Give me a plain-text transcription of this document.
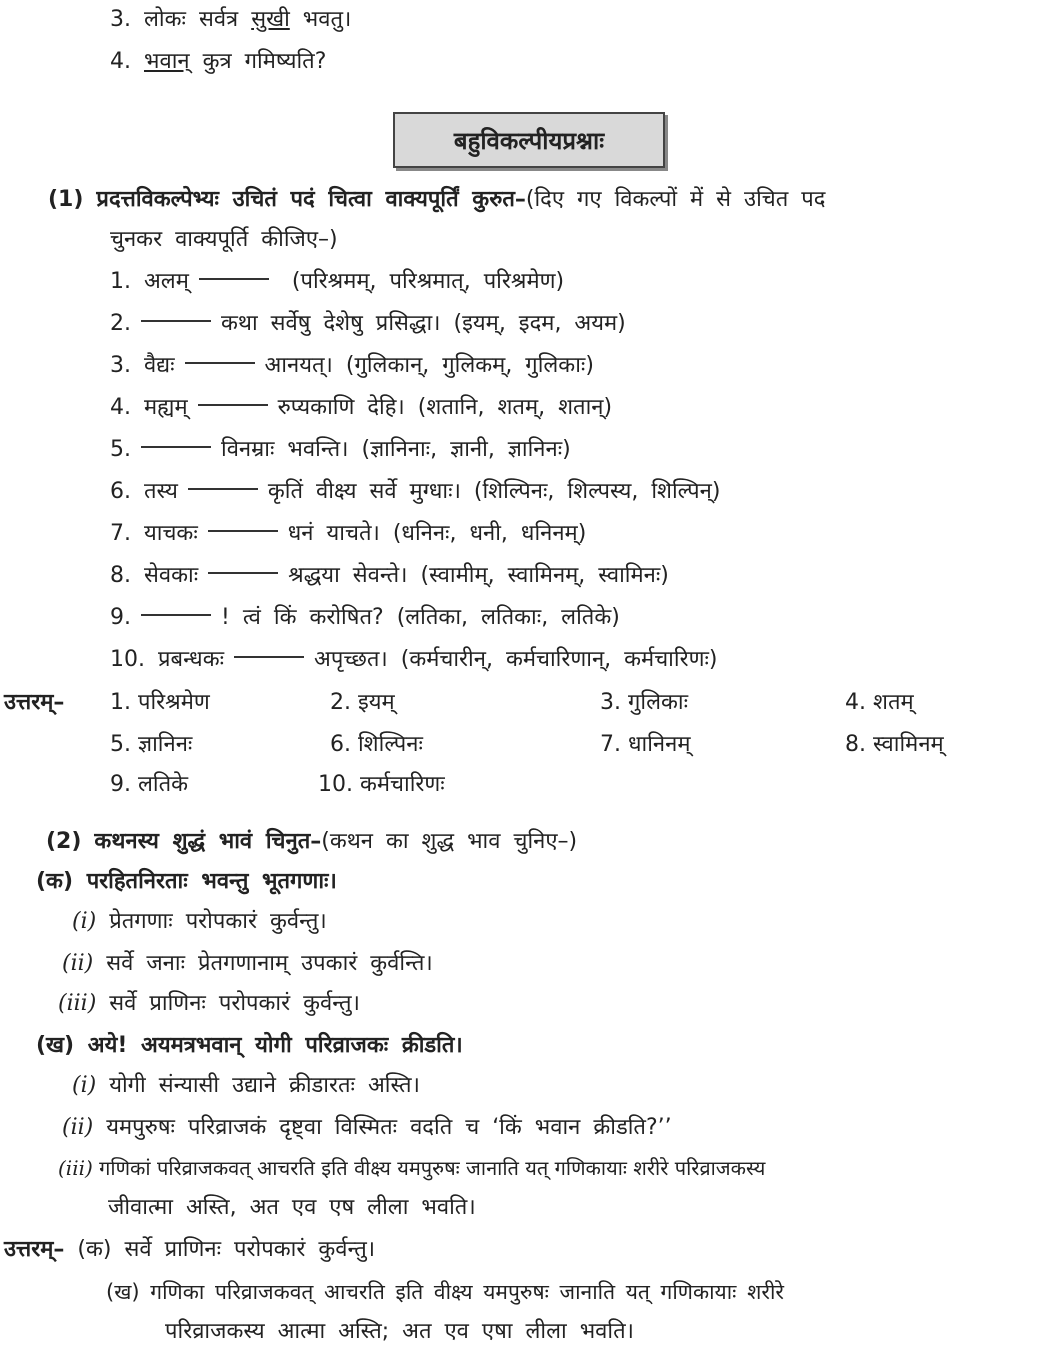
3. लोकः सर्वत्र सुखी भवतु।
4. भवान् कुत्र गमिष्यति?
बहुविकल्पीयप्रश्नाः
(1) प्रदत्तविकल्पेभ्यः उचितं पदं चित्वा वाक्यपूर्तिं कुरुत–(दिए गए विकल्पों में से उचित पद
चुनकर वाक्यपूर्ति कीजिए–)
1. अलम्	(परिश्रमम्, परिश्रमात्, परिश्रमेण)
2.	कथा सर्वेषु देशेषु प्रसिद्धा। (इयम्, इदम, अयम)
3. वैद्यः	आनयत्। (गुलिकान्, गुलिकम्, गुलिकाः)
4. मह्यम्	रुप्यकाणि देहि। (शतानि, शतम्, शतान्)
5.	विनम्राः भवन्ति। (ज्ञानिनाः, ज्ञानी, ज्ञानिनः)
6. तस्य	कृतिं वीक्ष्य सर्वे मुग्धाः। (शिल्पिनः, शिल्पस्य, शिल्पिन्)
7. याचकः	धनं याचते। (धनिनः, धनी, धनिनम्)
8. सेवकाः	श्रद्धया सेवन्ते। (स्वामीम्, स्वामिनम्, स्वामिनः)
9.	! त्वं किं करोषित? (लतिका, लतिकाः, लतिके)
10. प्रबन्धकः	अपृच्छत। (कर्मचारीन्, कर्मचारिणान्, कर्मचारिणः)
उत्तरम्– 1. परिश्रमेण	2. इयम्	3. गुलिकाः	4. शतम्
5. ज्ञानिनः	6. शिल्पिनः	7. धानिनम्	8. स्वामिनम्
9. लतिके	10. कर्मचारिणः
(2) कथनस्य शुद्धं भावं चिनुत–(कथन का शुद्ध भाव चुनिए–)
(क) परहितनिरताः भवन्तु भूतगणाः।
(i) प्रेतगणाः परोपकारं कुर्वन्तु।
(ii) सर्वे जनाः प्रेतगणानाम् उपकारं कुर्वन्ति।
(iii) सर्वे प्राणिनः परोपकारं कुर्वन्तु।
(ख) अये! अयमत्रभवान् योगी परिव्राजकः क्रीडति।
(i) योगी संन्यासी उद्याने क्रीडारतः अस्ति।
(ii) यमपुरुषः परिव्राजकं दृष्ट्वा विस्मितः वदति च ‘किं भवान क्रीडति?’’
(iii) गणिकां परिव्राजकवत् आचरति इति वीक्ष्य यमपुरुषः जानाति यत् गणिकायाः शरीरे परिव्राजकस्य
जीवात्मा अस्ति, अत एव एष लीला भवति।
उत्तरम्– (क) सर्वे प्राणिनः परोपकारं कुर्वन्तु।
(ख) गणिका परिव्राजकवत् आचरति इति वीक्ष्य यमपुरुषः जानाति यत् गणिकायाः शरीरे
परिव्राजकस्य आत्मा अस्ति; अत एव एषा लीला भवति।
